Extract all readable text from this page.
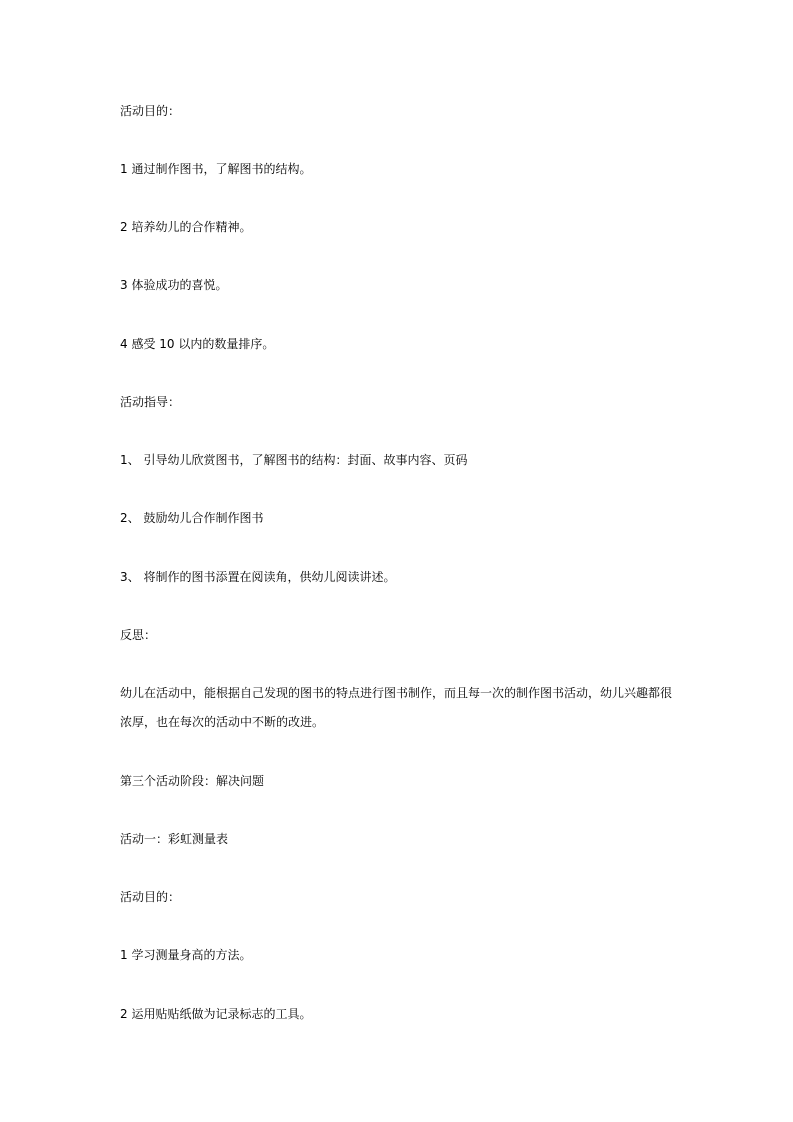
活动目的：
1 通过制作图书，了解图书的结构。
2 培养幼儿的合作精神。
3 体验成功的喜悦。
4 感受 10 以内的数量排序。
活动指导：
1、 引导幼儿欣赏图书，了解图书的结构：封面、故事内容、页码
2、 鼓励幼儿合作制作图书
3、 将制作的图书添置在阅读角，供幼儿阅读讲述。
反思：
幼儿在活动中，能根据自己发现的图书的特点进行图书制作，而且每一次的制作图书活动，幼儿兴趣都很
浓厚，也在每次的活动中不断的改进。
第三个活动阶段：解决问题
活动一：彩虹测量表
活动目的：
1 学习测量身高的方法。
2 运用贴贴纸做为记录标志的工具。
